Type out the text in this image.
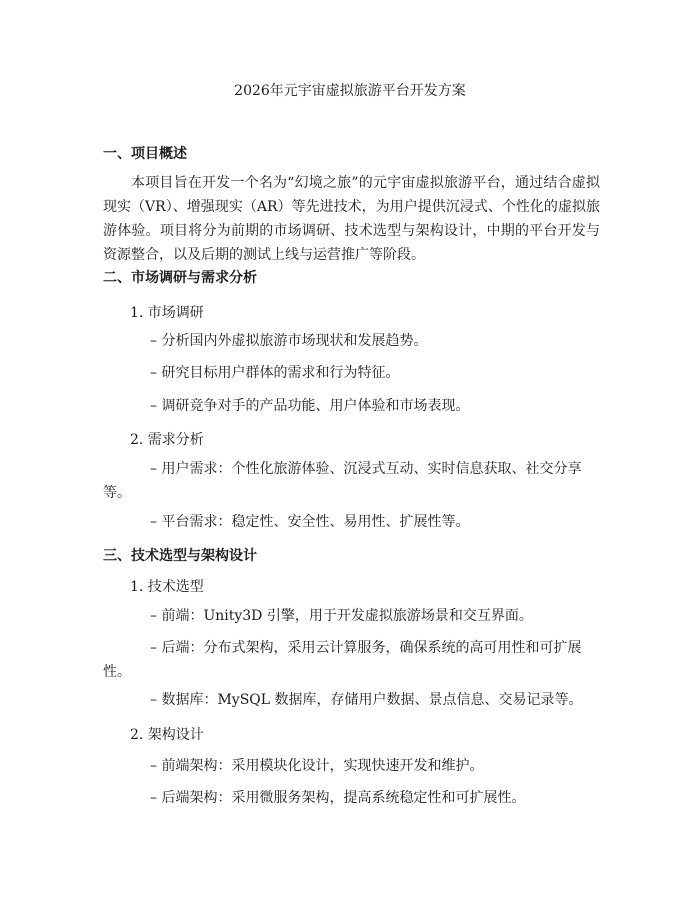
2026年元宇宙虚拟旅游平台开发方案
一、项目概述

本项目旨在开发一个名为“幻境之旅”的元宇宙虚拟旅游平台，通过结合虚拟现实（VR）、增强现实（AR）等先进技术，为用户提供沉浸式、个性化的虚拟旅游体验。项目将分为前期的市场调研、技术选型与架构设计，中期的平台开发与资源整合，以及后期的测试上线与运营推广等阶段。

二、市场调研与需求分析

1. 市场调研

– 分析国内外虚拟旅游市场现状和发展趋势。

– 研究目标用户群体的需求和行为特征。

– 调研竞争对手的产品功能、用户体验和市场表现。

2. 需求分析

– 用户需求：个性化旅游体验、沉浸式互动、实时信息获取、社交分享等。

– 平台需求：稳定性、安全性、易用性、扩展性等。

三、技术选型与架构设计

1. 技术选型

– 前端：Unity3D 引擎，用于开发虚拟旅游场景和交互界面。

– 后端：分布式架构，采用云计算服务，确保系统的高可用性和可扩展性。

– 数据库：MySQL 数据库，存储用户数据、景点信息、交易记录等。

2. 架构设计

– 前端架构：采用模块化设计，实现快速开发和维护。

– 后端架构：采用微服务架构，提高系统稳定性和可扩展性。
